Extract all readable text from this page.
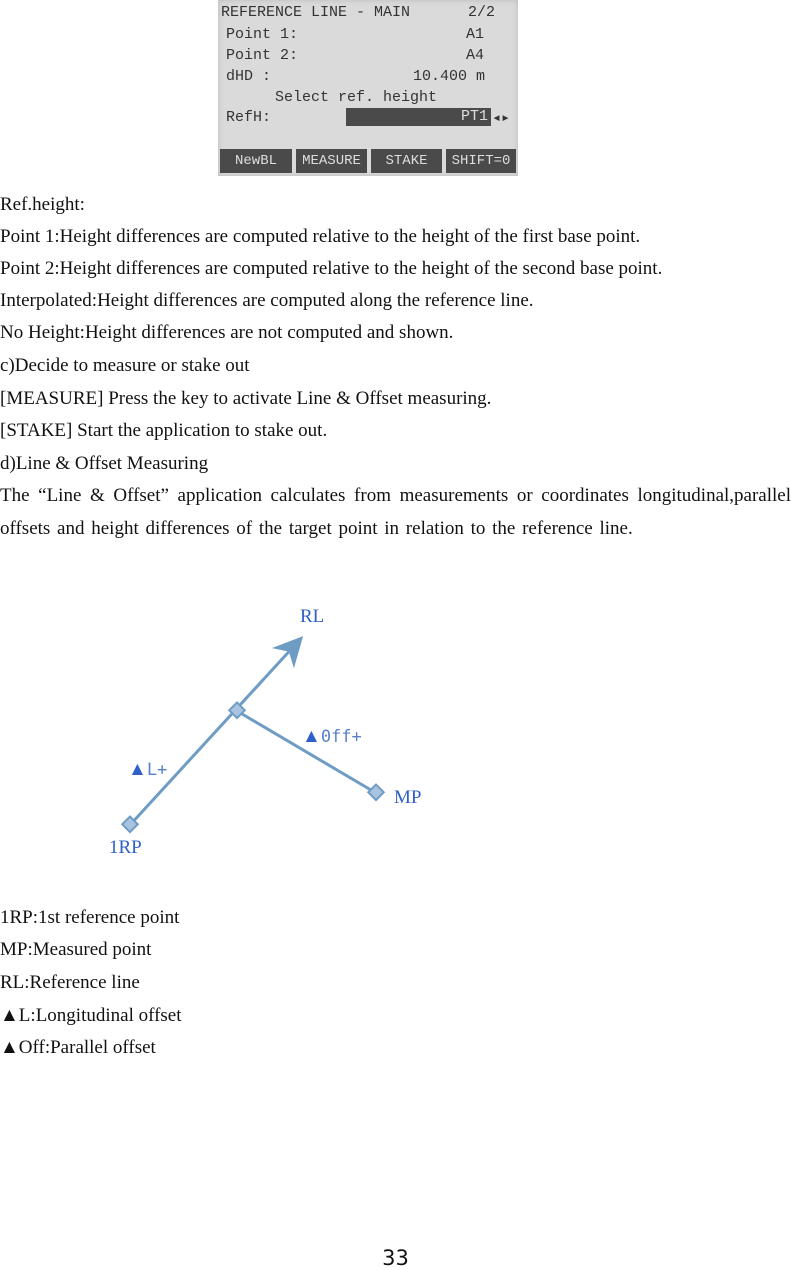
REFERENCE LINE - MAIN	2/2
Point 1:	A1
Point 2:	A4
dHD :	10.400 m
Select ref. height
RefH:	PT1 ◂▸
NewBL	MEASURE	STAKE	SHIFT=0
Ref.height:
Point 1:Height differences are computed relative to the height of the first base point.
Point 2:Height differences are computed relative to the height of the second base point.
Interpolated:Height differences are computed along the reference line.
No Height:Height differences are not computed and shown.
c)Decide to measure or stake out
[MEASURE] Press the key to activate Line & Offset measuring.
[STAKE] Start the application to stake out.
d)Line & Offset Measuring
The “Line & Offset” application calculates from measurements or coordinates longitudinal,parallel offsets and height differences of the target point in relation to the reference line.
RL
▲0ff+
▲L+
MP
1RP
1RP:1st reference point
MP:Measured point
RL:Reference line
▲L:Longitudinal offset
▲Off:Parallel offset
33
